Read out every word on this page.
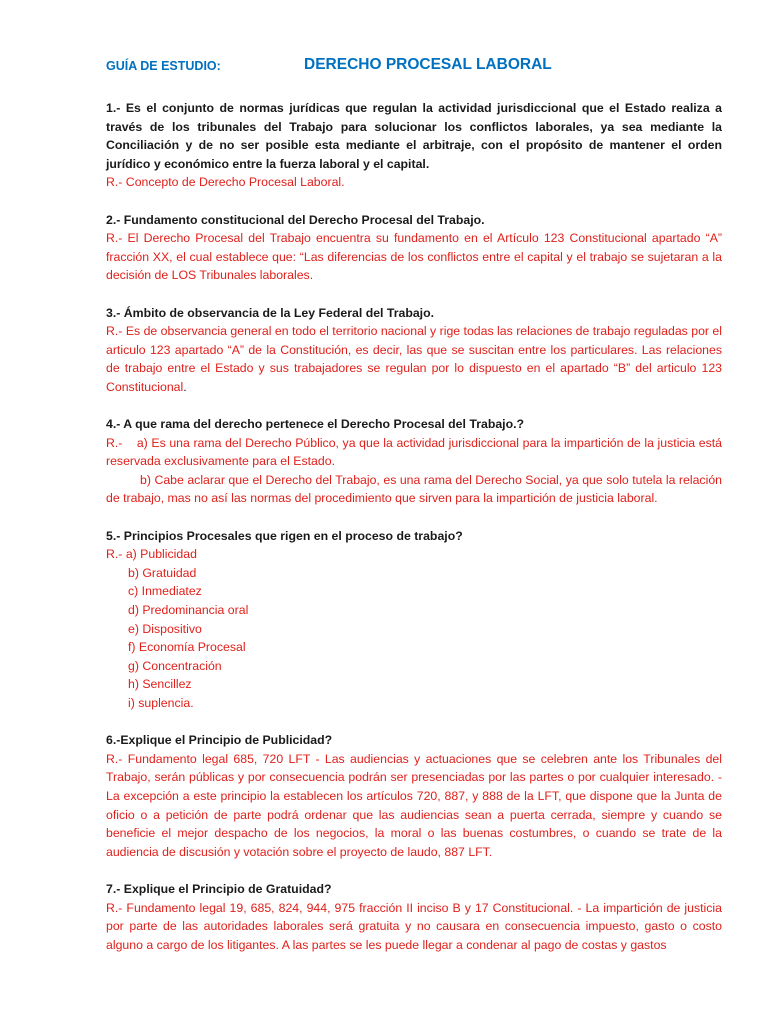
GUÍA DE ESTUDIO:	DERECHO PROCESAL LABORAL
1.- Es el conjunto de normas jurídicas que regulan la actividad jurisdiccional que el Estado realiza a través de los tribunales del Trabajo para solucionar los conflictos laborales, ya sea mediante la Conciliación y de no ser posible esta mediante el arbitraje, con el propósito de mantener el orden jurídico y económico entre la fuerza laboral y el capital.
R.- Concepto de Derecho Procesal Laboral.
2.- Fundamento constitucional del Derecho Procesal del Trabajo.
R.- El Derecho Procesal del Trabajo encuentra su fundamento en el Artículo 123 Constitucional apartado “A” fracción XX, el cual establece que: “Las diferencias de los conflictos entre el capital y el trabajo se sujetaran a la decisión de LOS Tribunales laborales.
3.- Ámbito de observancia de la Ley Federal del Trabajo.
R.- Es de observancia general en todo el territorio nacional y rige todas las relaciones de trabajo reguladas por el articulo 123 apartado “A” de la Constitución, es decir, las que se suscitan entre los particulares. Las relaciones de trabajo entre el Estado y sus trabajadores se regulan por lo dispuesto en el apartado “B” del articulo 123 Constitucional.
4.- A que rama del derecho pertenece el Derecho Procesal del Trabajo.?
R.-    a) Es una rama del Derecho Público, ya que la actividad jurisdiccional para la impartición de la justicia está reservada exclusivamente para el Estado.
b) Cabe aclarar que el Derecho del Trabajo, es una rama del Derecho Social, ya que solo tutela la relación de trabajo, mas no así las normas del procedimiento que sirven para la impartición de justicia laboral.
5.- Principios Procesales que rigen en el proceso de trabajo?
R.- a) Publicidad
b) Gratuidad
c) Inmediatez
d) Predominancia oral
e) Dispositivo
f) Economía Procesal
g) Concentración
h) Sencillez
i) suplencia.
6.-Explique el Principio de Publicidad?
R.- Fundamento legal 685, 720 LFT - Las audiencias y actuaciones que se celebren ante los Tribunales del Trabajo, serán públicas y por consecuencia podrán ser presenciadas por las partes o por cualquier interesado. - La excepción a este principio la establecen los artículos 720, 887, y 888 de la LFT, que dispone que la Junta de oficio o a petición de parte podrá ordenar que las audiencias sean a puerta cerrada, siempre y cuando se beneficie el mejor despacho de los negocios, la moral o las buenas costumbres, o cuando se trate de la audiencia de discusión y votación sobre el proyecto de laudo, 887 LFT.
7.- Explique el Principio de Gratuidad?
R.- Fundamento legal 19, 685, 824, 944, 975 fracción II inciso B y 17 Constitucional. - La impartición de justicia por parte de las autoridades laborales será gratuita y no causara en consecuencia impuesto, gasto o costo alguno a cargo de los litigantes. A las partes se les puede llegar a condenar al pago de costas y gastos
